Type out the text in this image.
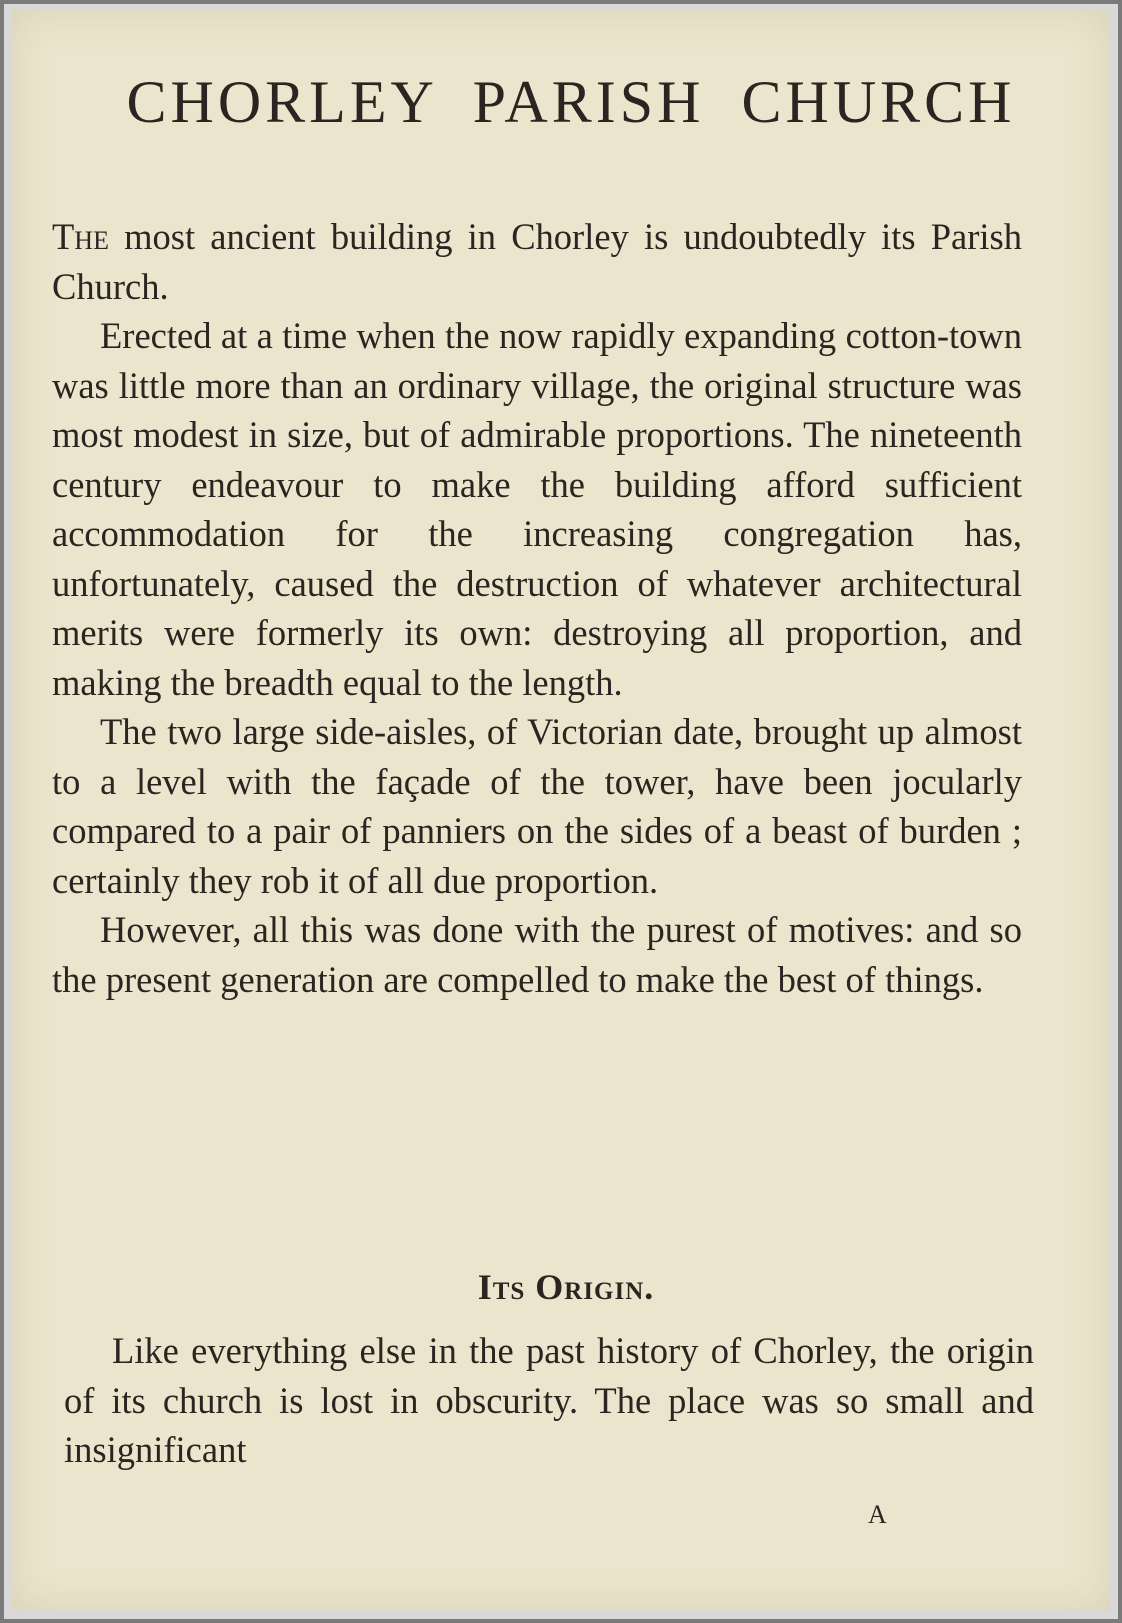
CHORLEY PARISH CHURCH

The most ancient building in Chorley is undoubtedly its Parish Church.

Erected at a time when the now rapidly expanding cotton-town was little more than an ordinary village, the original structure was most modest in size, but of admirable proportions. The nineteenth century endeavour to make the building afford sufficient accommodation for the increasing congregation has, unfortunately, caused the destruction of whatever architectural merits were formerly its own: destroying all proportion, and making the breadth equal to the length.

The two large side-aisles, of Victorian date, brought up almost to a level with the façade of the tower, have been jocularly compared to a pair of panniers on the sides of a beast of burden ; certainly they rob it of all due proportion.

However, all this was done with the purest of motives: and so the present generation are compelled to make the best of things.

Its Origin.

Like everything else in the past history of Chorley, the origin of its church is lost in obscurity. The place was so small and insignificant

A
